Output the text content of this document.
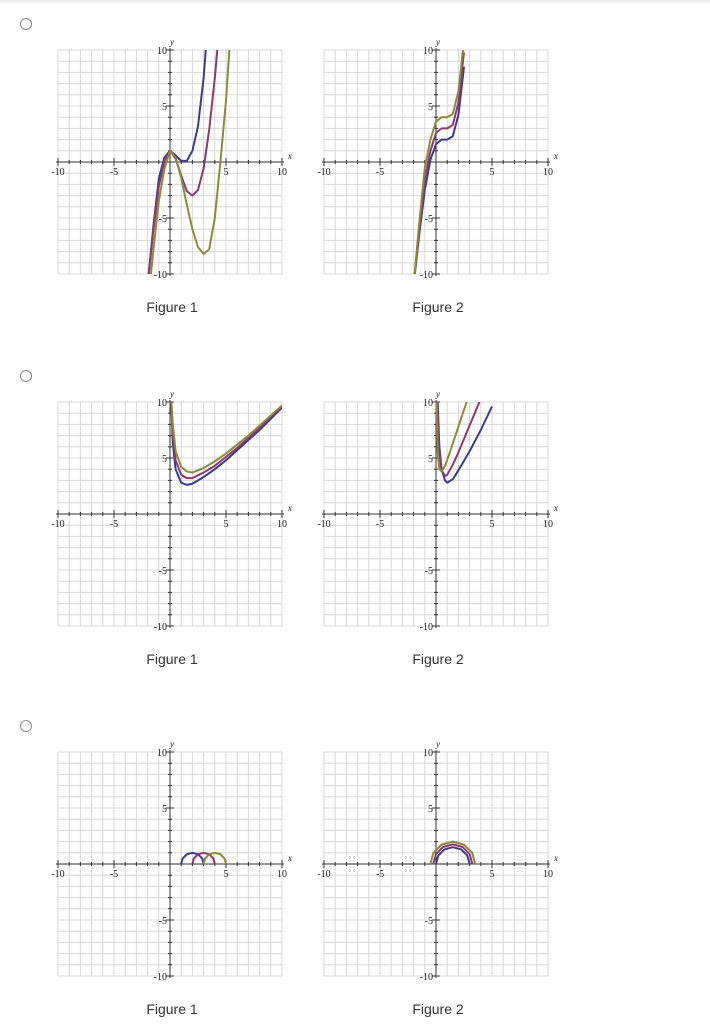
-10	-5	5	10
10
5
-5
-10
x
y
-10	-5	5	10
10
5
-5
-10
x
y
Figure 1	Figure 2
-10	-5	5	10
10
5
-5
-10
x
y
-10	-5	5	10
10
5
-5
-10
x
y
Figure 1	Figure 2
-10	-5	5	10
10
5
-5
-10
x
y
-10	-5	5	10
10
5
-5
-10
x
y
Figure 1	Figure 2
